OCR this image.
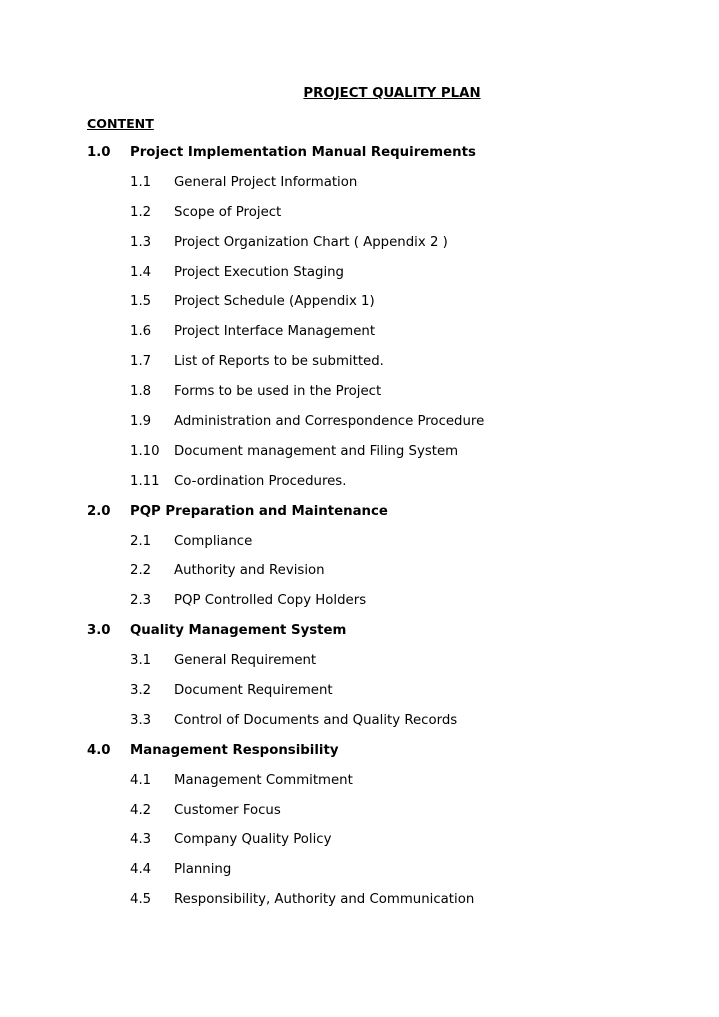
PROJECT QUALITY PLAN
CONTENT
1.0 Project Implementation Manual Requirements
1.1 General Project Information
1.2 Scope of Project
1.3 Project Organization Chart ( Appendix 2 )
1.4 Project Execution Staging
1.5 Project Schedule (Appendix 1)
1.6 Project Interface Management
1.7 List of Reports to be submitted.
1.8 Forms to be used in the Project
1.9 Administration and Correspondence Procedure
1.10 Document management and Filing System
1.11 Co-ordination Procedures.
2.0 PQP Preparation and Maintenance
2.1 Compliance
2.2 Authority and Revision
2.3 PQP Controlled Copy Holders
3.0 Quality Management System
3.1 General Requirement
3.2 Document Requirement
3.3 Control of Documents and Quality Records
4.0 Management Responsibility
4.1 Management Commitment
4.2 Customer Focus
4.3 Company Quality Policy
4.4 Planning
4.5 Responsibility, Authority and Communication
